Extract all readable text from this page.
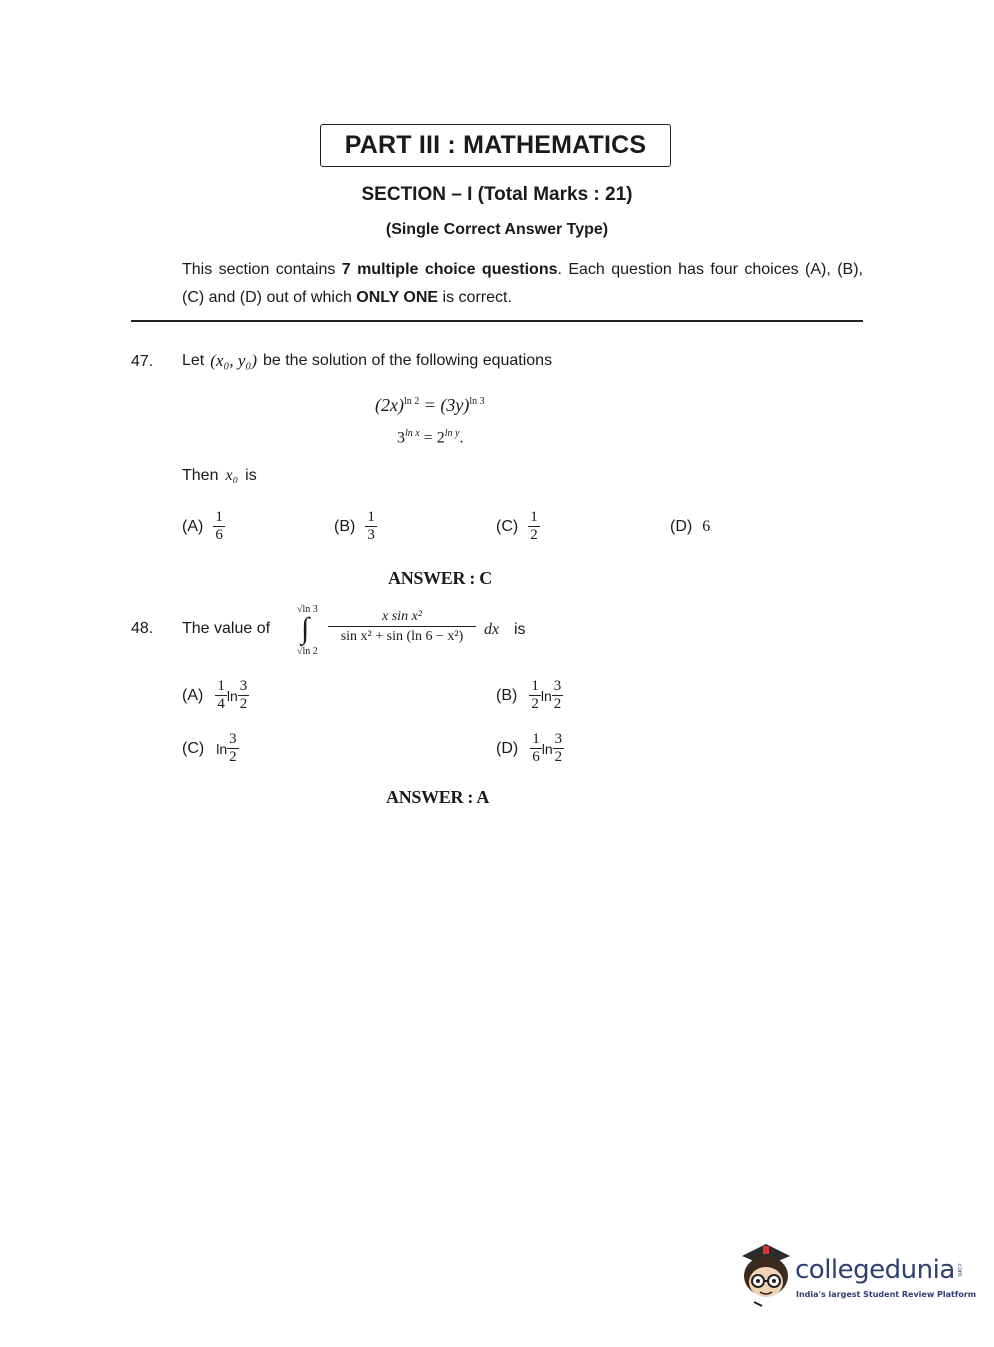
PART III : MATHEMATICS
SECTION – I (Total Marks : 21)
(Single Correct Answer Type)
This section contains 7 multiple choice questions. Each question has four choices (A), (B), (C) and (D) out of which ONLY ONE is correct.
47. Let (x₀, y₀) be the solution of the following equations
$(2x)^{ln 2} = (3y)^{ln 3}$
$3^{ln x} = 2^{ln y}$.
Then x₀ is
$(A) \frac{1}{6}$	$(B) \frac{1}{3}$	$(C) \frac{1}{2}$	(D) 6
ANSWER : C
48. The value of
√ln 3
∫
√ln 2
x sin x²
sin x² + sin (ln 6 − x²) dx is
$(A) \frac{1}{4}$ $\ln \frac{3}{2}$	$(B) \frac{1}{2}$ $\ln \frac{3}{2}$
(C) $\ln \frac{3}{2}$	$(D) \frac{1}{6}$ $\ln \frac{3}{2}$
ANSWER : A
collegedunia .com
India's largest Student Review Platform
